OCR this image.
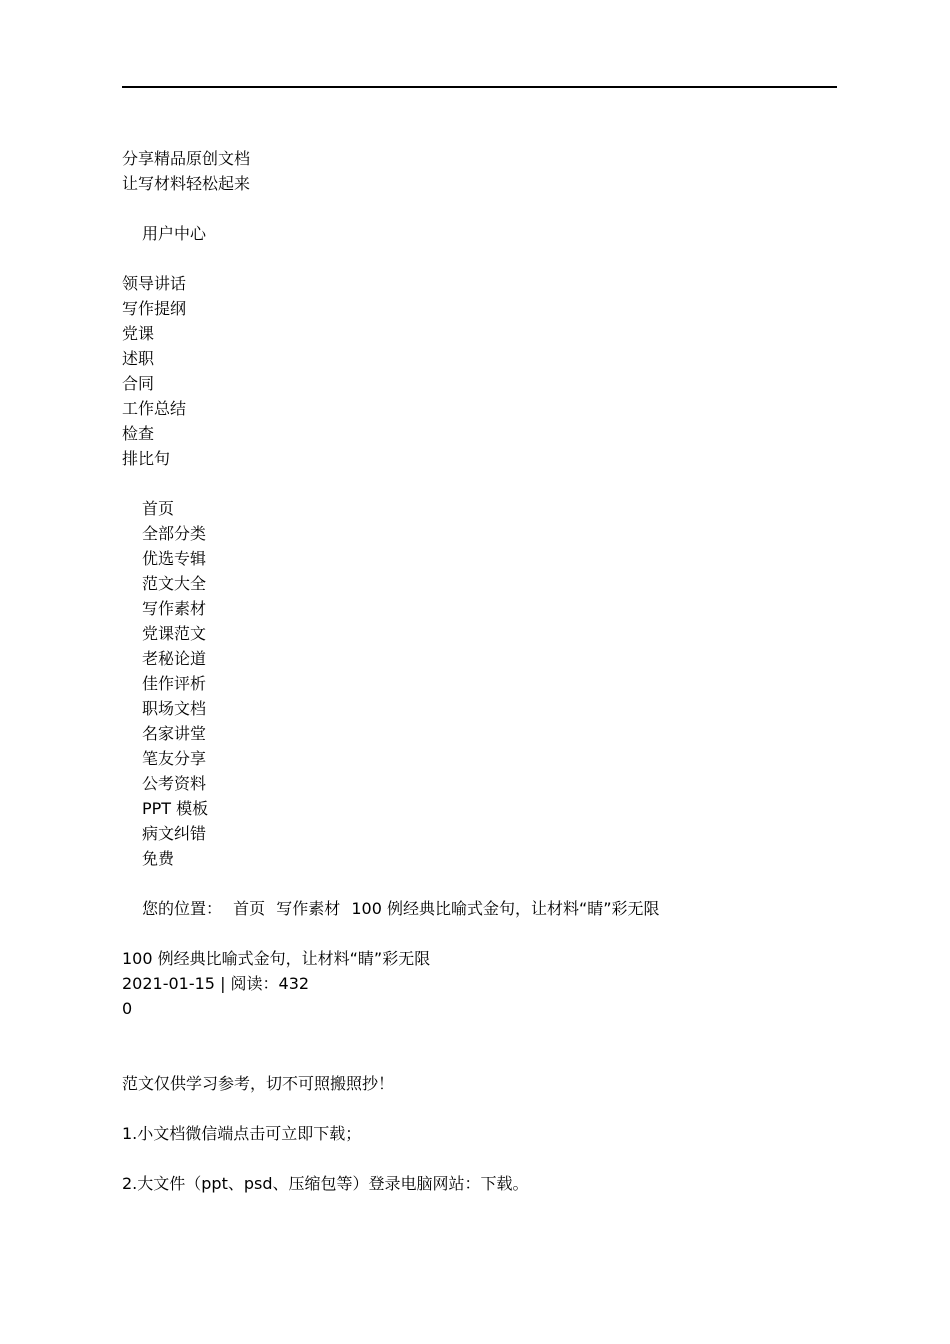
分享精品原创文档
让写材料轻松起来
用户中心
领导讲话
写作提纲
党课
述职
合同
工作总结
检查
排比句
首页
全部分类
优选专辑
范文大全
写作素材
党课范文
老秘论道
佳作评析
职场文档
名家讲堂
笔友分享
公考资料
PPT 模板
病文纠错
免费
您的位置： 首页 写作素材 100 例经典比喻式金句，让材料“睛”彩无限
100 例经典比喻式金句，让材料“睛”彩无限
2021-01-15 | 阅读：432
0
范文仅供学习参考，切不可照搬照抄！
1.小文档微信端点击可立即下载；
2.大文件（ppt、psd、压缩包等）登录电脑网站：下载。
